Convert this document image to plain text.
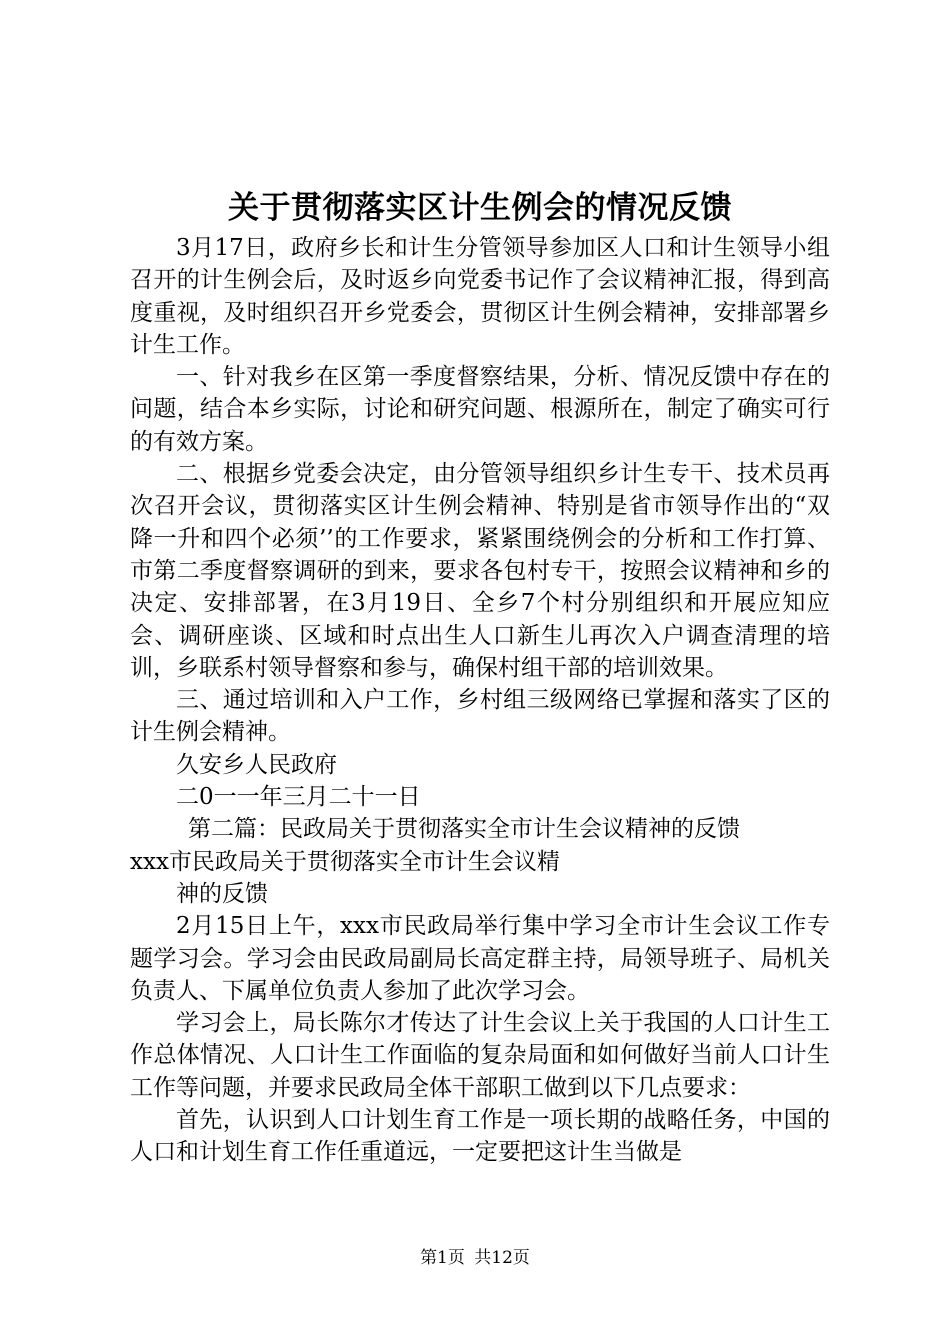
关于贯彻落实区计生例会的情况反馈

3月17日，政府乡长和计生分管领导参加区人口和计生领导小组召开的计生例会后，及时返乡向党委书记作了会议精神汇报，得到高度重视，及时组织召开乡党委会，贯彻区计生例会精神，安排部署乡计生工作。

一、针对我乡在区第一季度督察结果，分析、情况反馈中存在的问题，结合本乡实际，讨论和研究问题、根源所在，制定了确实可行的有效方案。

二、根据乡党委会决定，由分管领导组织乡计生专干、技术员再次召开会议，贯彻落实区计生例会精神、特别是省市领导作出的“双降一升和四个必须’’的工作要求，紧紧围绕例会的分析和工作打算、市第二季度督察调研的到来，要求各包村专干，按照会议精神和乡的决定、安排部署，在3月19日、全乡7个村分别组织和开展应知应会、调研座谈、区域和时点出生人口新生儿再次入户调查清理的培训，乡联系村领导督察和参与，确保村组干部的培训效果。

三、通过培训和入户工作，乡村组三级网络已掌握和落实了区的计生例会精神。

久安乡人民政府

二0一一年三月二十一日

第二篇：民政局关于贯彻落实全市计生会议精神的反馈

xxx市民政局关于贯彻落实全市计生会议精

神的反馈

2月15日上午，xxx市民政局举行集中学习全市计生会议工作专题学习会。学习会由民政局副局长高定群主持，局领导班子、局机关负责人、下属单位负责人参加了此次学习会。

学习会上，局长陈尔才传达了计生会议上关于我国的人口计生工作总体情况、人口计生工作面临的复杂局面和如何做好当前人口计生工作等问题，并要求民政局全体干部职工做到以下几点要求：

首先，认识到人口计划生育工作是一项长期的战略任务，中国的人口和计划生育工作任重道远，一定要把这计生当做是

第1页 共12页
